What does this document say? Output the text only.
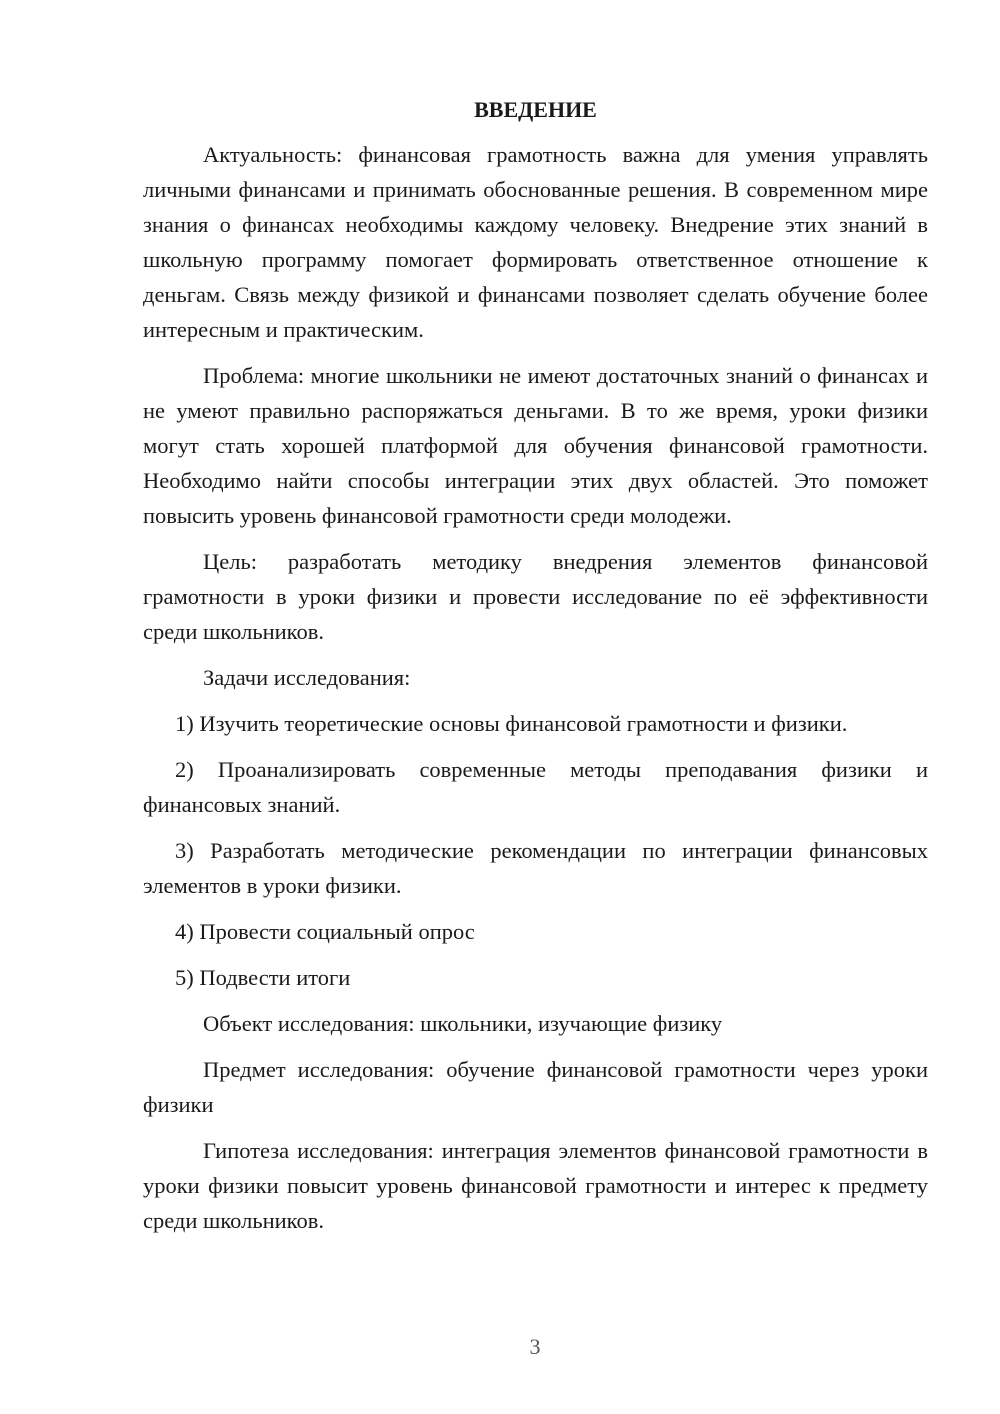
ВВЕДЕНИЕ

Актуальность: финансовая грамотность важна для умения управлять личными финансами и принимать обоснованные решения. В современном мире знания о финансах необходимы каждому человеку. Внедрение этих знаний в школьную программу помогает формировать ответственное отношение к деньгам. Связь между физикой и финансами позволяет сделать обучение более интересным и практическим.

Проблема: многие школьники не имеют достаточных знаний о финансах и не умеют правильно распоряжаться деньгами. В то же время, уроки физики могут стать хорошей платформой для обучения финансовой грамотности. Необходимо найти способы интеграции этих двух областей. Это поможет повысить уровень финансовой грамотности среди молодежи.

Цель: разработать методику внедрения элементов финансовой грамотности в уроки физики и провести исследование по её эффективности среди школьников.

Задачи исследования:

1) Изучить теоретические основы финансовой грамотности и физики.

2) Проанализировать современные методы преподавания физики и финансовых знаний.

3) Разработать методические рекомендации по интеграции финансовых элементов в уроки физики.

4) Провести социальный опрос

5) Подвести итоги

Объект исследования: школьники, изучающие физику

Предмет исследования: обучение финансовой грамотности через уроки физики

Гипотеза исследования: интеграция элементов финансовой грамотности в уроки физики повысит уровень финансовой грамотности и интерес к предмету среди школьников.

3
